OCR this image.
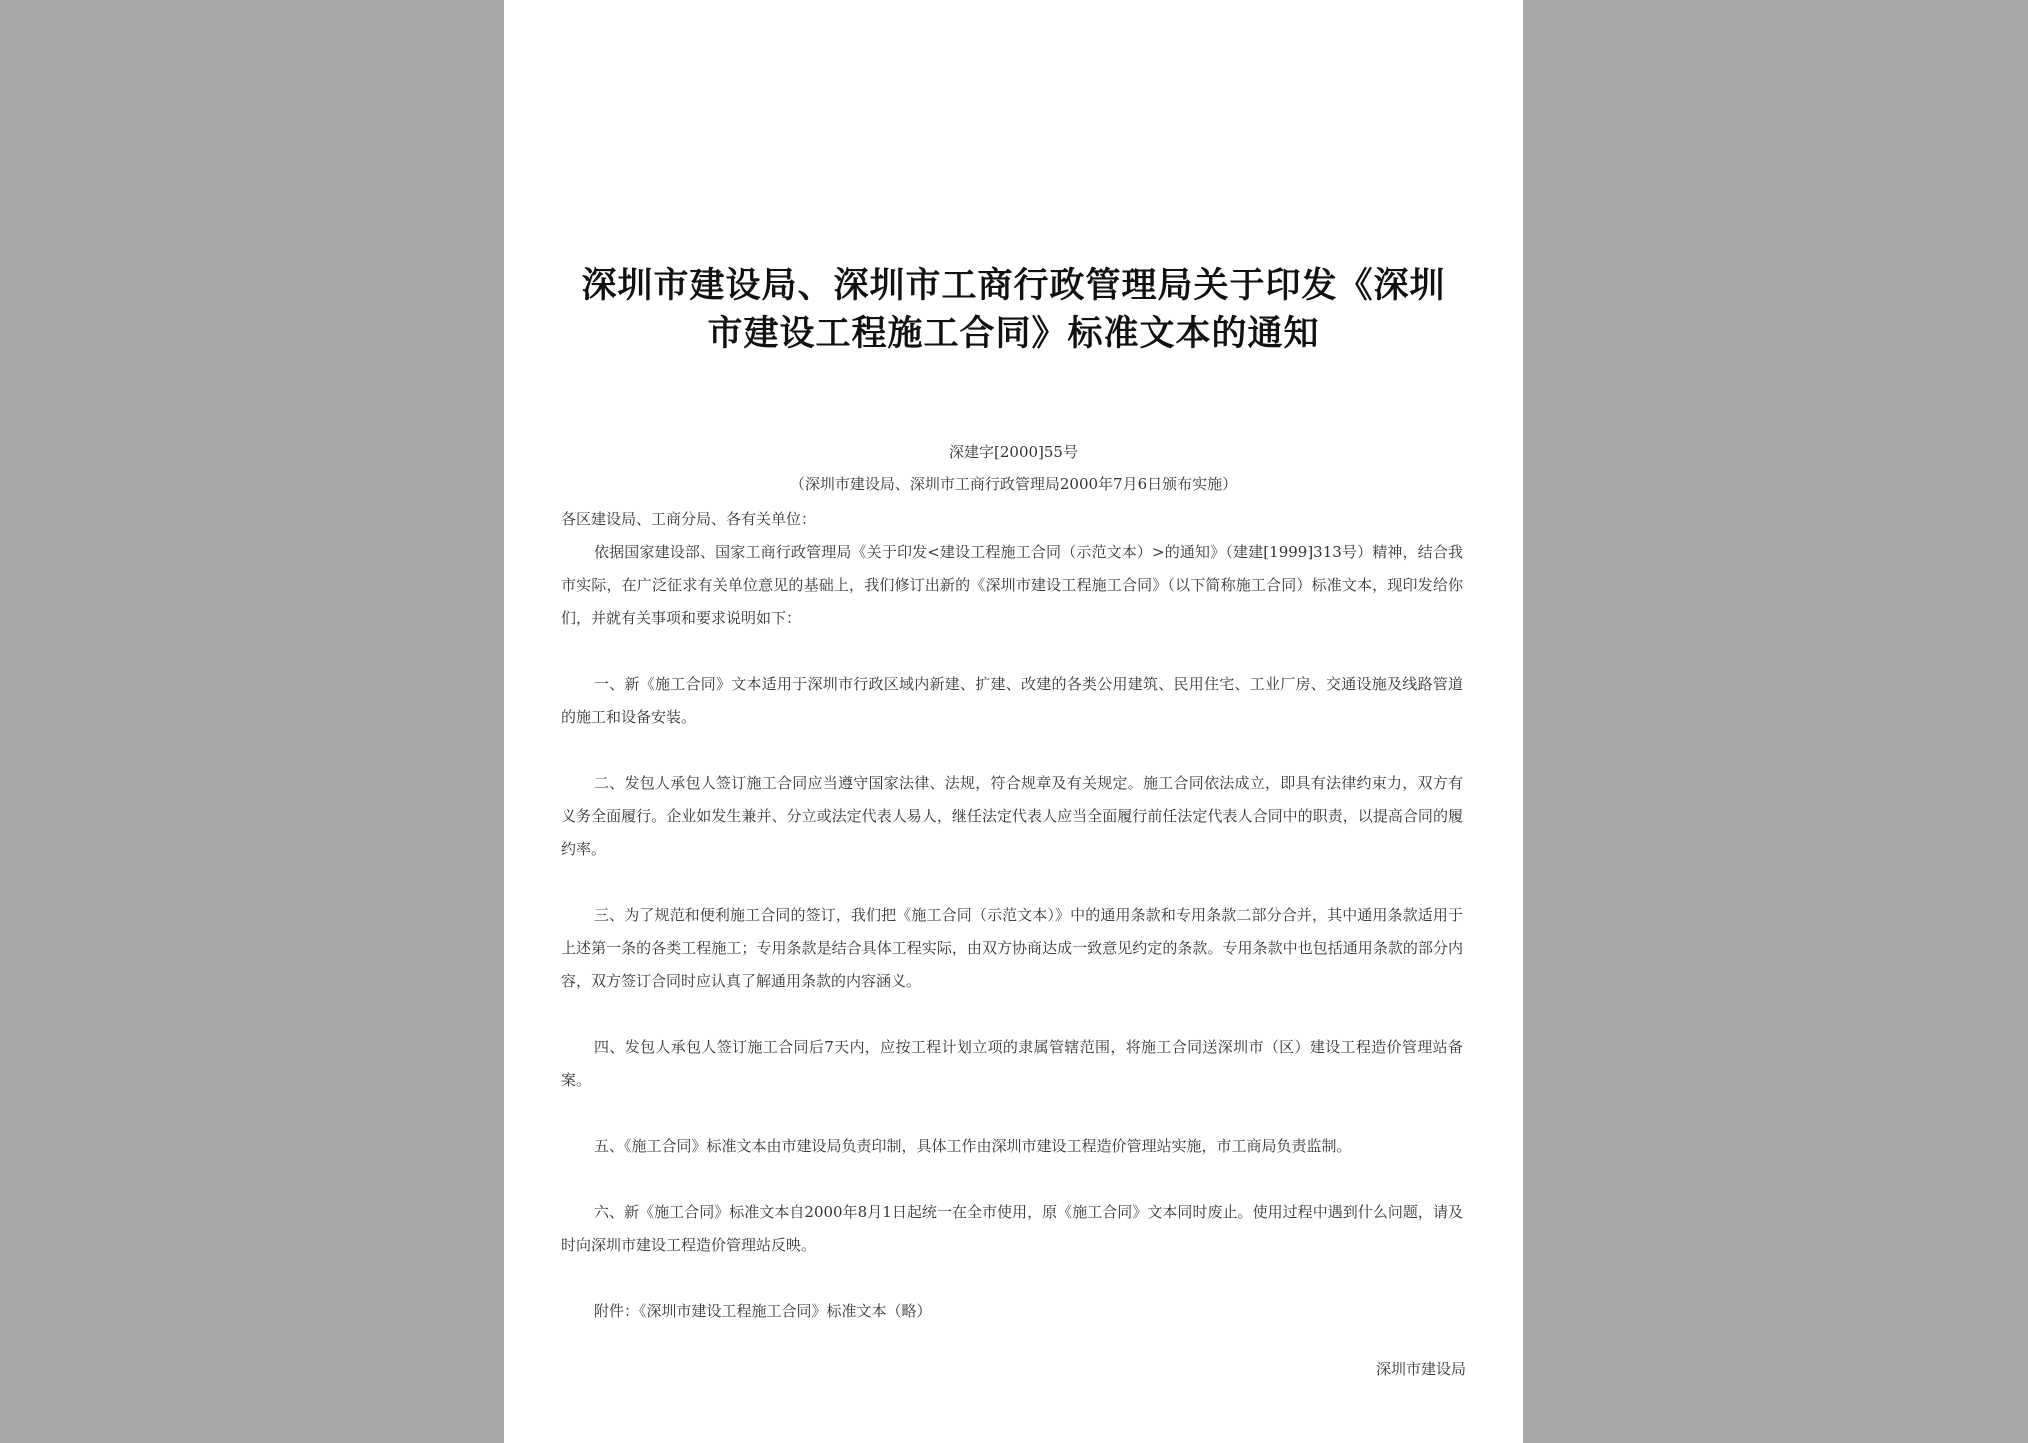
深圳市建设局、深圳市工商行政管理局关于印发《深圳
市建设工程施工合同》标准文本的通知
深建字[2000]55号
（深圳市建设局、深圳市工商行政管理局2000年7月6日颁布实施）

各区建设局、工商分局、各有关单位：

依据国家建设部、国家工商行政管理局《关于印发<建设工程施工合同（示范文本）>的通知》（建建[1999]313号）精神，结合我市实际，在广泛征求有关单位意见的基础上，我们修订出新的《深圳市建设工程施工合同》（以下简称施工合同）标准文本，现印发给你们，并就有关事项和要求说明如下：

一、新《施工合同》文本适用于深圳市行政区域内新建、扩建、改建的各类公用建筑、民用住宅、工业厂房、交通设施及线路管道的施工和设备安装。

二、发包人承包人签订施工合同应当遵守国家法律、法规，符合规章及有关规定。施工合同依法成立，即具有法律约束力，双方有义务全面履行。企业如发生兼并、分立或法定代表人易人，继任法定代表人应当全面履行前任法定代表人合同中的职责，以提高合同的履约率。

三、为了规范和便利施工合同的签订，我们把《施工合同（示范文本）》中的通用条款和专用条款二部分合并，其中通用条款适用于上述第一条的各类工程施工；专用条款是结合具体工程实际，由双方协商达成一致意见约定的条款。专用条款中也包括通用条款的部分内容，双方签订合同时应认真了解通用条款的内容涵义。

四、发包人承包人签订施工合同后7天内，应按工程计划立项的隶属管辖范围，将施工合同送深圳市（区）建设工程造价管理站备案。

五、《施工合同》标准文本由市建设局负责印制，具体工作由深圳市建设工程造价管理站实施，市工商局负责监制。

六、新《施工合同》标准文本自2000年8月1日起统一在全市使用，原《施工合同》文本同时废止。使用过程中遇到什么问题，请及时向深圳市建设工程造价管理站反映。

附件：《深圳市建设工程施工合同》标准文本（略）

深圳市建设局
